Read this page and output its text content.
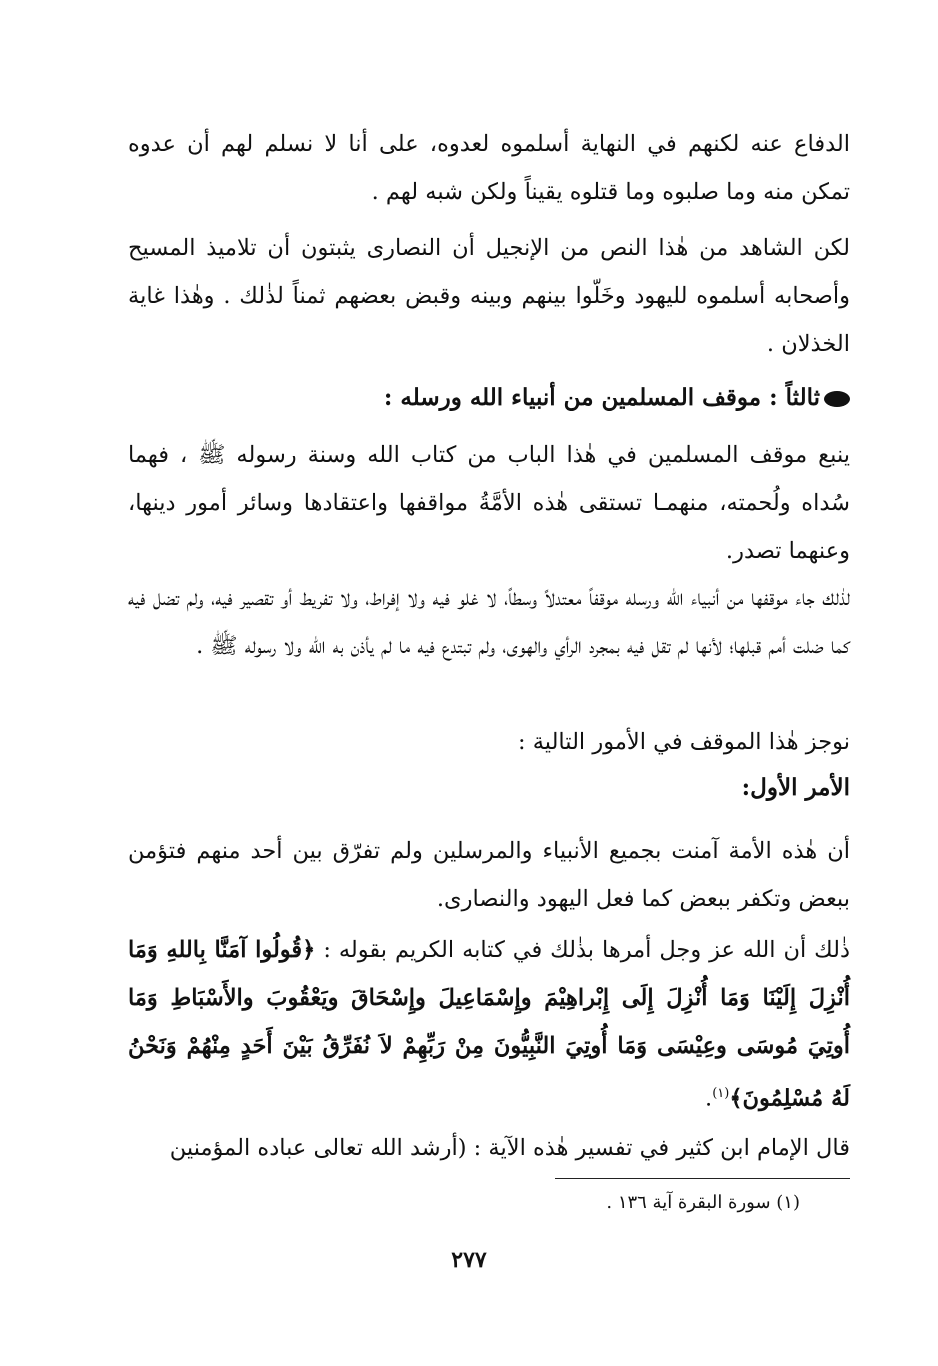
الدفاع عنه لكنهم في النهاية أسلموه لعدوه، على أنا لا نسلم لهم أن عدوه تمكن منه وما صلبوه وما قتلوه يقيناً ولكن شبه لهم .
لكن الشاهد من هٰذا النص من الإنجيل أن النصارى يثبتون أن تلاميذ المسيح وأصحابه أسلموه لليهود وخَلّوا بينهم وبينه وقبض بعضهم ثمناً لذٰلك . وهٰذا غاية الخذلان .
ثالثاً : موقف المسلمين من أنبياء الله ورسله :
ينبع موقف المسلمين في هٰذا الباب من كتاب الله وسنة رسوله ﷺ ، فهما سُداه ولُحمته، منهمـا تستقى هٰذه الأمَّةُ مواقفها واعتقادها وسائر أمور دينها، وعنهما تصدر.
لذٰلك جاء موقفها من أنبياء الله ورسله موقفاً معتدلاً وسطاً، لا غلو فيه ولا إفراط، ولا تفريط أو تقصير فيه، ولم تضل فيه كما ضلت أمم قبلها؛ لأنها لم تقل فيه بمجرد الرأي والهوى، ولم تبتدع فيه ما لم يأذن به الله ولا رسوله ﷺ .
نوجز هٰذا الموقف في الأمور التالية :
الأمر الأول:
أن هٰذه الأمة آمنت بجميع الأنبياء والمرسلين ولم تفرّق بين أحد منهم فتؤمن ببعض وتكفر ببعض كما فعل اليهود والنصارى.
ذٰلك أن الله عز وجل أمرها بذٰلك في كتابه الكريم بقوله : ﴿قُولُوا آمَنَّا بِاللهِ وَمَا أُنْزِلَ إِلَيْنَا وَمَا أُنْزِلَ إِلَى إِبْراهِيْمَ وإِسْمَاعِيلَ وإِسْحَاقَ ويَعْقُوبَ والأَسْبَاطِ وَمَا أُوتِيَ مُوسَى وعِيْسَى وَمَا أُوتِيَ النَّبِيُّونَ مِنْ رَبِّهِمْ لاَ نُفَرِّقُ بَيْنَ أَحَدٍ مِنْهُمْ وَنَحْنُ لَهُ مُسْلِمُونَ﴾$^{(١)}$.
قال الإمام ابن كثير في تفسير هٰذه الآية : (أرشد الله تعالى عباده المؤمنين
(١) سورة البقرة آية ١٣٦ .
٢٧٧
